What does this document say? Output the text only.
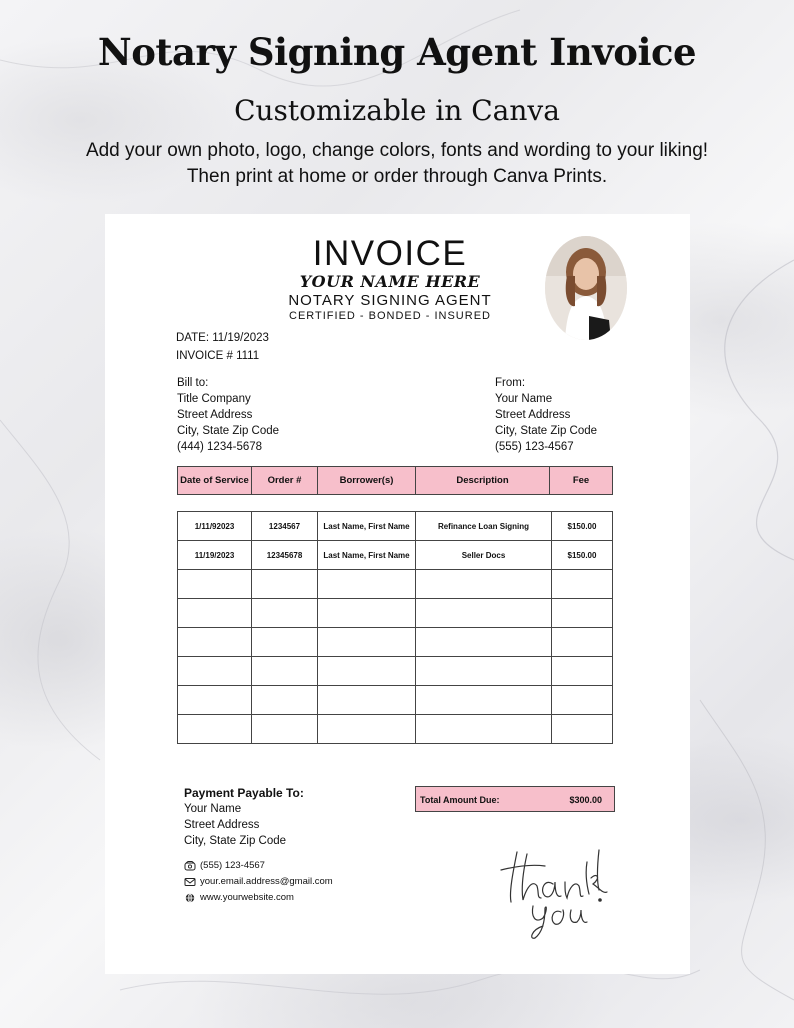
Notary Signing Agent Invoice
Customizable in Canva
Add your own photo, logo, change colors, fonts and wording to your liking!
Then print at home or order through Canva Prints.
INVOICE
YOUR NAME HERE
NOTARY SIGNING AGENT
CERTIFIED - BONDED - INSURED
DATE: 11/19/2023
INVOICE # 1111
Bill to:
Title Company
Street Address
City, State Zip Code
(444) 1234-5678
From:
Your Name
Street Address
City, State Zip Code
(555) 123-4567
Date of Service	Order #	Borrower(s)	Description	Fee
1/11/92023	1234567	Last Name, First Name	Refinance Loan Signing	$150.00
11/19/2023	12345678	Last Name, First Name	Seller Docs	$150.00

Payment Payable To:
Your Name
Street Address
City, State Zip Code
(555) 123-4567
your.email.address@gmail.com
www.yourwebsite.com
Total Amount Due:	$300.00
